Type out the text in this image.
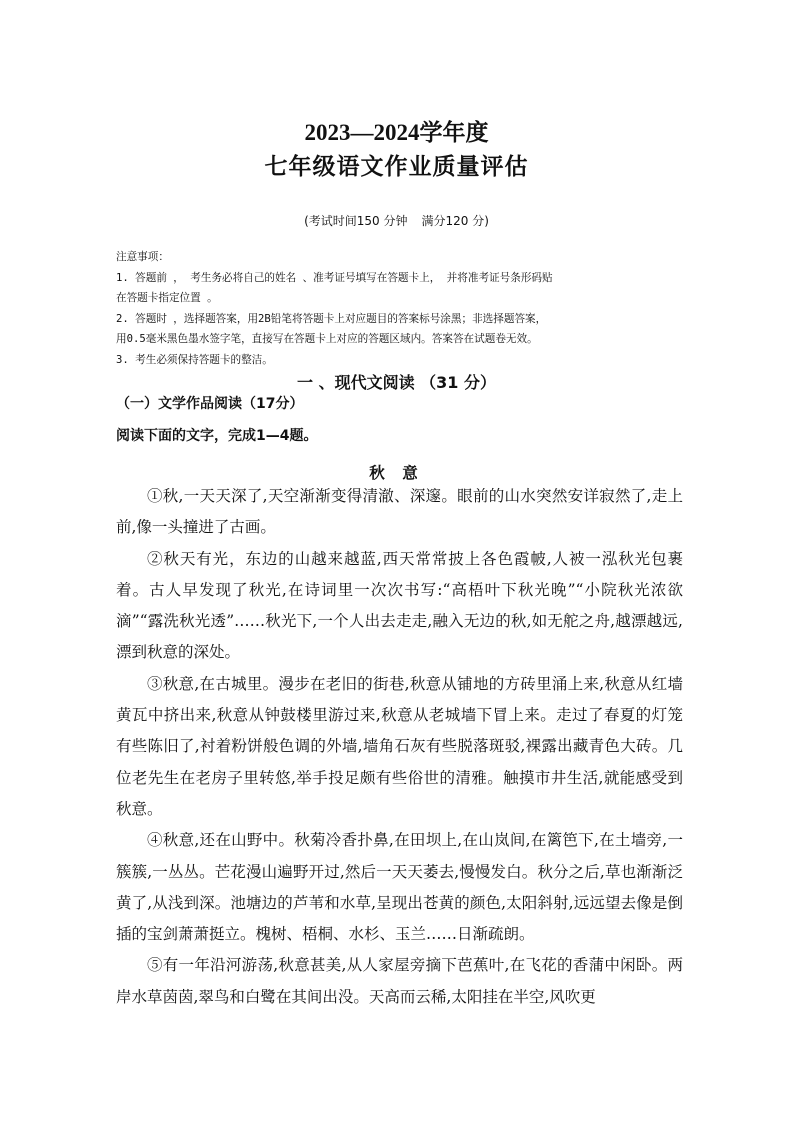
2023—2024学年度
七年级语文作业质量评估
(考试时间150 分钟 满分120 分)
注意事项：
1. 答题前 ， 考生务必将自己的姓名 、准考证号填写在答题卡上， 并将准考证号条形码贴
在答题卡指定位置 。
2. 答题时 ，选择题答案，用2B铅笔将答题卡上对应题目的答案标号涂黑；非选择题答案，
用0.5毫米黑色墨水签字笔，直接写在答题卡上对应的答题区域内。答案答在试题卷无效。
3. 考生必须保持答题卡的整洁。
一 、现代文阅读 （31 分）
（一）文学作品阅读（17分）
阅读下面的文字，完成1—4题。
秋 意

①秋,一天天深了,天空渐渐变得清澈、深邃。眼前的山水突然安详寂然了,走上前,像一头撞进了古画。

②秋天有光，东边的山越来越蓝,西天常常披上各色霞帔,人被一泓秋光包裹着。古人早发现了秋光,在诗词里一次次书写:“高梧叶下秋光晚”“小院秋光浓欲滴”“露洗秋光透”……秋光下,一个人出去走走,融入无边的秋,如无舵之舟,越漂越远,漂到秋意的深处。

③秋意,在古城里。漫步在老旧的街巷,秋意从铺地的方砖里涌上来,秋意从红墙黄瓦中挤出来,秋意从钟鼓楼里游过来,秋意从老城墙下冒上来。走过了春夏的灯笼有些陈旧了,衬着粉饼般色调的外墙,墙角石灰有些脱落斑驳,裸露出藏青色大砖。几位老先生在老房子里转悠,举手投足颇有些俗世的清雅。触摸市井生活,就能感受到秋意。

④秋意,还在山野中。秋菊冷香扑鼻,在田坝上,在山岚间,在篱笆下,在土墙旁,一簇簇,一丛丛。芒花漫山遍野开过,然后一天天萎去,慢慢发白。秋分之后,草也渐渐泛黄了,从浅到深。池塘边的芦苇和水草,呈现出苍黄的颜色,太阳斜射,远远望去像是倒插的宝剑萧萧挺立。槐树、梧桐、水杉、玉兰……日渐疏朗。

⑤有一年沿河游荡,秋意甚美,从人家屋旁摘下芭蕉叶,在飞花的香蒲中闲卧。两岸水草茵茵,翠鸟和白鹭在其间出没。天高而云稀,太阳挂在半空,风吹更
